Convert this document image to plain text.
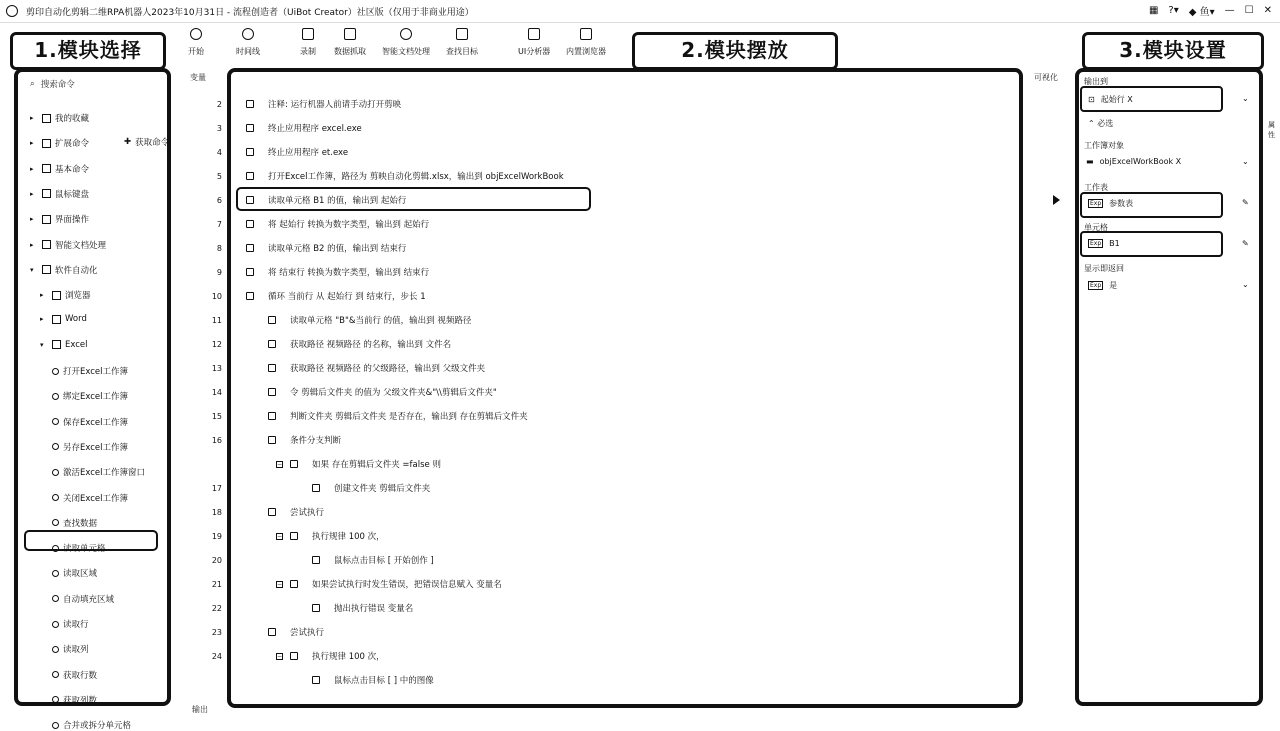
剪印自动化剪辑二维RPA机器人2023年10月31日 - 流程创造者（UiBot Creator）社区版（仅用于非商业用途）	▦ ?▾ ◆ 鱼▾ — ☐ ✕
开始	时间线	录制 数据抓取 智能文档处理 查找目标	UI分析器 内置浏览器
1.模块选择	2.模块摆放	3.模块设置
⌕ 搜索命令
✚ 获取命令
▸	我的收藏
▸	扩展命令
▸	基本命令
▸	鼠标键盘
▸	界面操作
▸	智能文档处理
▾	软件自动化
▸	浏览器
▸	Word
▾	Excel
打开Excel工作簿
绑定Excel工作簿
保存Excel工作簿
另存Excel工作簿
激活Excel工作簿窗口
关闭Excel工作簿
查找数据
读取单元格
读取区域
自动填充区域
读取行
读取列
获取行数
获取列数
合并或拆分单元格
变量	可视化
2	注释: 运行机器人前请手动打开剪映
3	终止应用程序 excel.exe
4	终止应用程序 et.exe
5	打开Excel工作簿，路径为 剪映自动化剪辑.xlsx，输出到 objExcelWorkBook
6	读取单元格 B1 的值，输出到 起始行
7	将 起始行 转换为数字类型，输出到 起始行
8	读取单元格 B2 的值，输出到 结束行
9	将 结束行 转换为数字类型，输出到 结束行
10	循环 当前行 从 起始行 到 结束行，步长 1
11	读取单元格 "B"&当前行 的值，输出到 视频路径
12	获取路径 视频路径 的名称，输出到 文件名
13	获取路径 视频路径 的父级路径，输出到 父级文件夹
14	令 剪辑后文件夹 的值为 父级文件夹&"\\剪辑后文件夹"
15	判断文件夹 剪辑后文件夹 是否存在，输出到 存在剪辑后文件夹
16	条件分支判断
−	如果 存在剪辑后文件夹 =false 则
17	创建文件夹 剪辑后文件夹
18	尝试执行
19	−	执行规律 100 次，
20	鼠标点击目标 [ 开始创作 ]
21	−	如果尝试执行时发生错误，把错误信息赋入 变量名
22	抛出执行错误 变量名
23	尝试执行
24	−	执行规律 100 次，
鼠标点击目标 [ ] 中的图像
输出
输出到
⊡ 起始行 X	⌄
⌃ 必选
工作簿对象
▬ objExcelWorkBook X	⌄
工作表
Exp 参数表	✎
单元格
Exp B1	✎
显示即返回
Exp 是	⌄
属性
